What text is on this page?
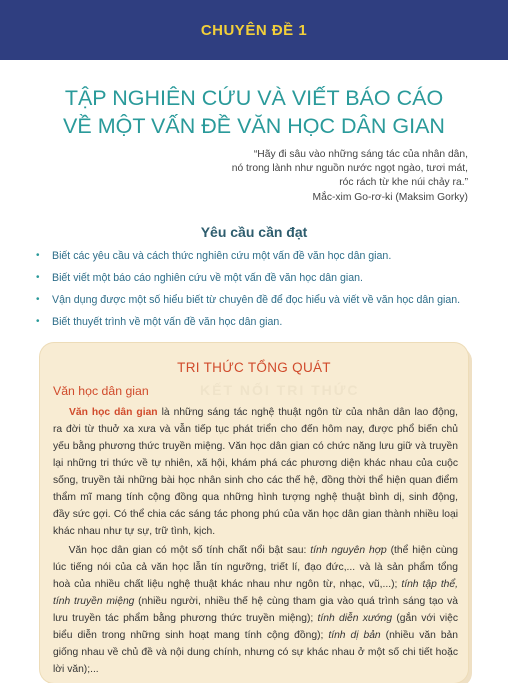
CHUYÊN ĐỀ 1
TẬP NGHIÊN CỨU VÀ VIẾT BÁO CÁO
VỀ MỘT VẤN ĐỀ VĂN HỌC DÂN GIAN
“Hãy đi sâu vào những sáng tác của nhân dân,
nó trong lành như nguồn nước ngọt ngào, tươi mát,
róc rách từ khe núi chảy ra.”
Mắc-xim Go-rơ-ki (Maksim Gorky)
Yêu cầu cần đạt
• Biết các yêu cầu và cách thức nghiên cứu một vấn đề văn học dân gian.
• Biết viết một báo cáo nghiên cứu về một vấn đề văn học dân gian.
• Vận dụng được một số hiểu biết từ chuyên đề để đọc hiểu và viết về văn học dân gian.
• Biết thuyết trình về một vấn đề văn học dân gian.
TRI THỨC TỔNG QUÁT
KẾT NỐI TRI THỨC
Văn học dân gian
Văn học dân gian là những sáng tác nghệ thuật ngôn từ của nhân dân lao động,
ra đời từ thuở xa xưa và vẫn tiếp tục phát triển cho đến hôm nay, được phổ biến chủ
yếu bằng phương thức truyền miệng. Văn học dân gian có chức năng lưu giữ và truyền
lại những tri thức về tự nhiên, xã hội, khám phá các phương diện khác nhau của cuộc
sống, truyền tải những bài học nhân sinh cho các thế hệ, đồng thời thể hiện quan điểm
thẩm mĩ mang tính cộng đồng qua những hình tượng nghệ thuật bình dị, sinh động,
đầy sức gợi. Có thể chia các sáng tác phong phú của văn học dân gian thành nhiều loại
khác nhau như tự sự, trữ tình, kịch.
Văn học dân gian có một số tính chất nổi bật sau: tính nguyên hợp (thể hiện cùng
lúc tiếng nói của cả văn học lẫn tín ngưỡng, triết lí, đạo đức,... và là sản phẩm tổng
hoà của nhiều chất liệu nghệ thuật khác nhau như ngôn từ, nhạc, vũ,...); tính tập thể,
tính truyền miệng (nhiều người, nhiều thế hệ cùng tham gia vào quá trình sáng tạo và
lưu truyền tác phẩm bằng phương thức truyền miệng); tính diễn xướng (gắn với việc
biểu diễn trong những sinh hoạt mang tính cộng đồng); tính dị bản (nhiều văn bản
giống nhau về chủ đề và nội dung chính, nhưng có sự khác nhau ở một số chi tiết hoặc
lời văn);...
